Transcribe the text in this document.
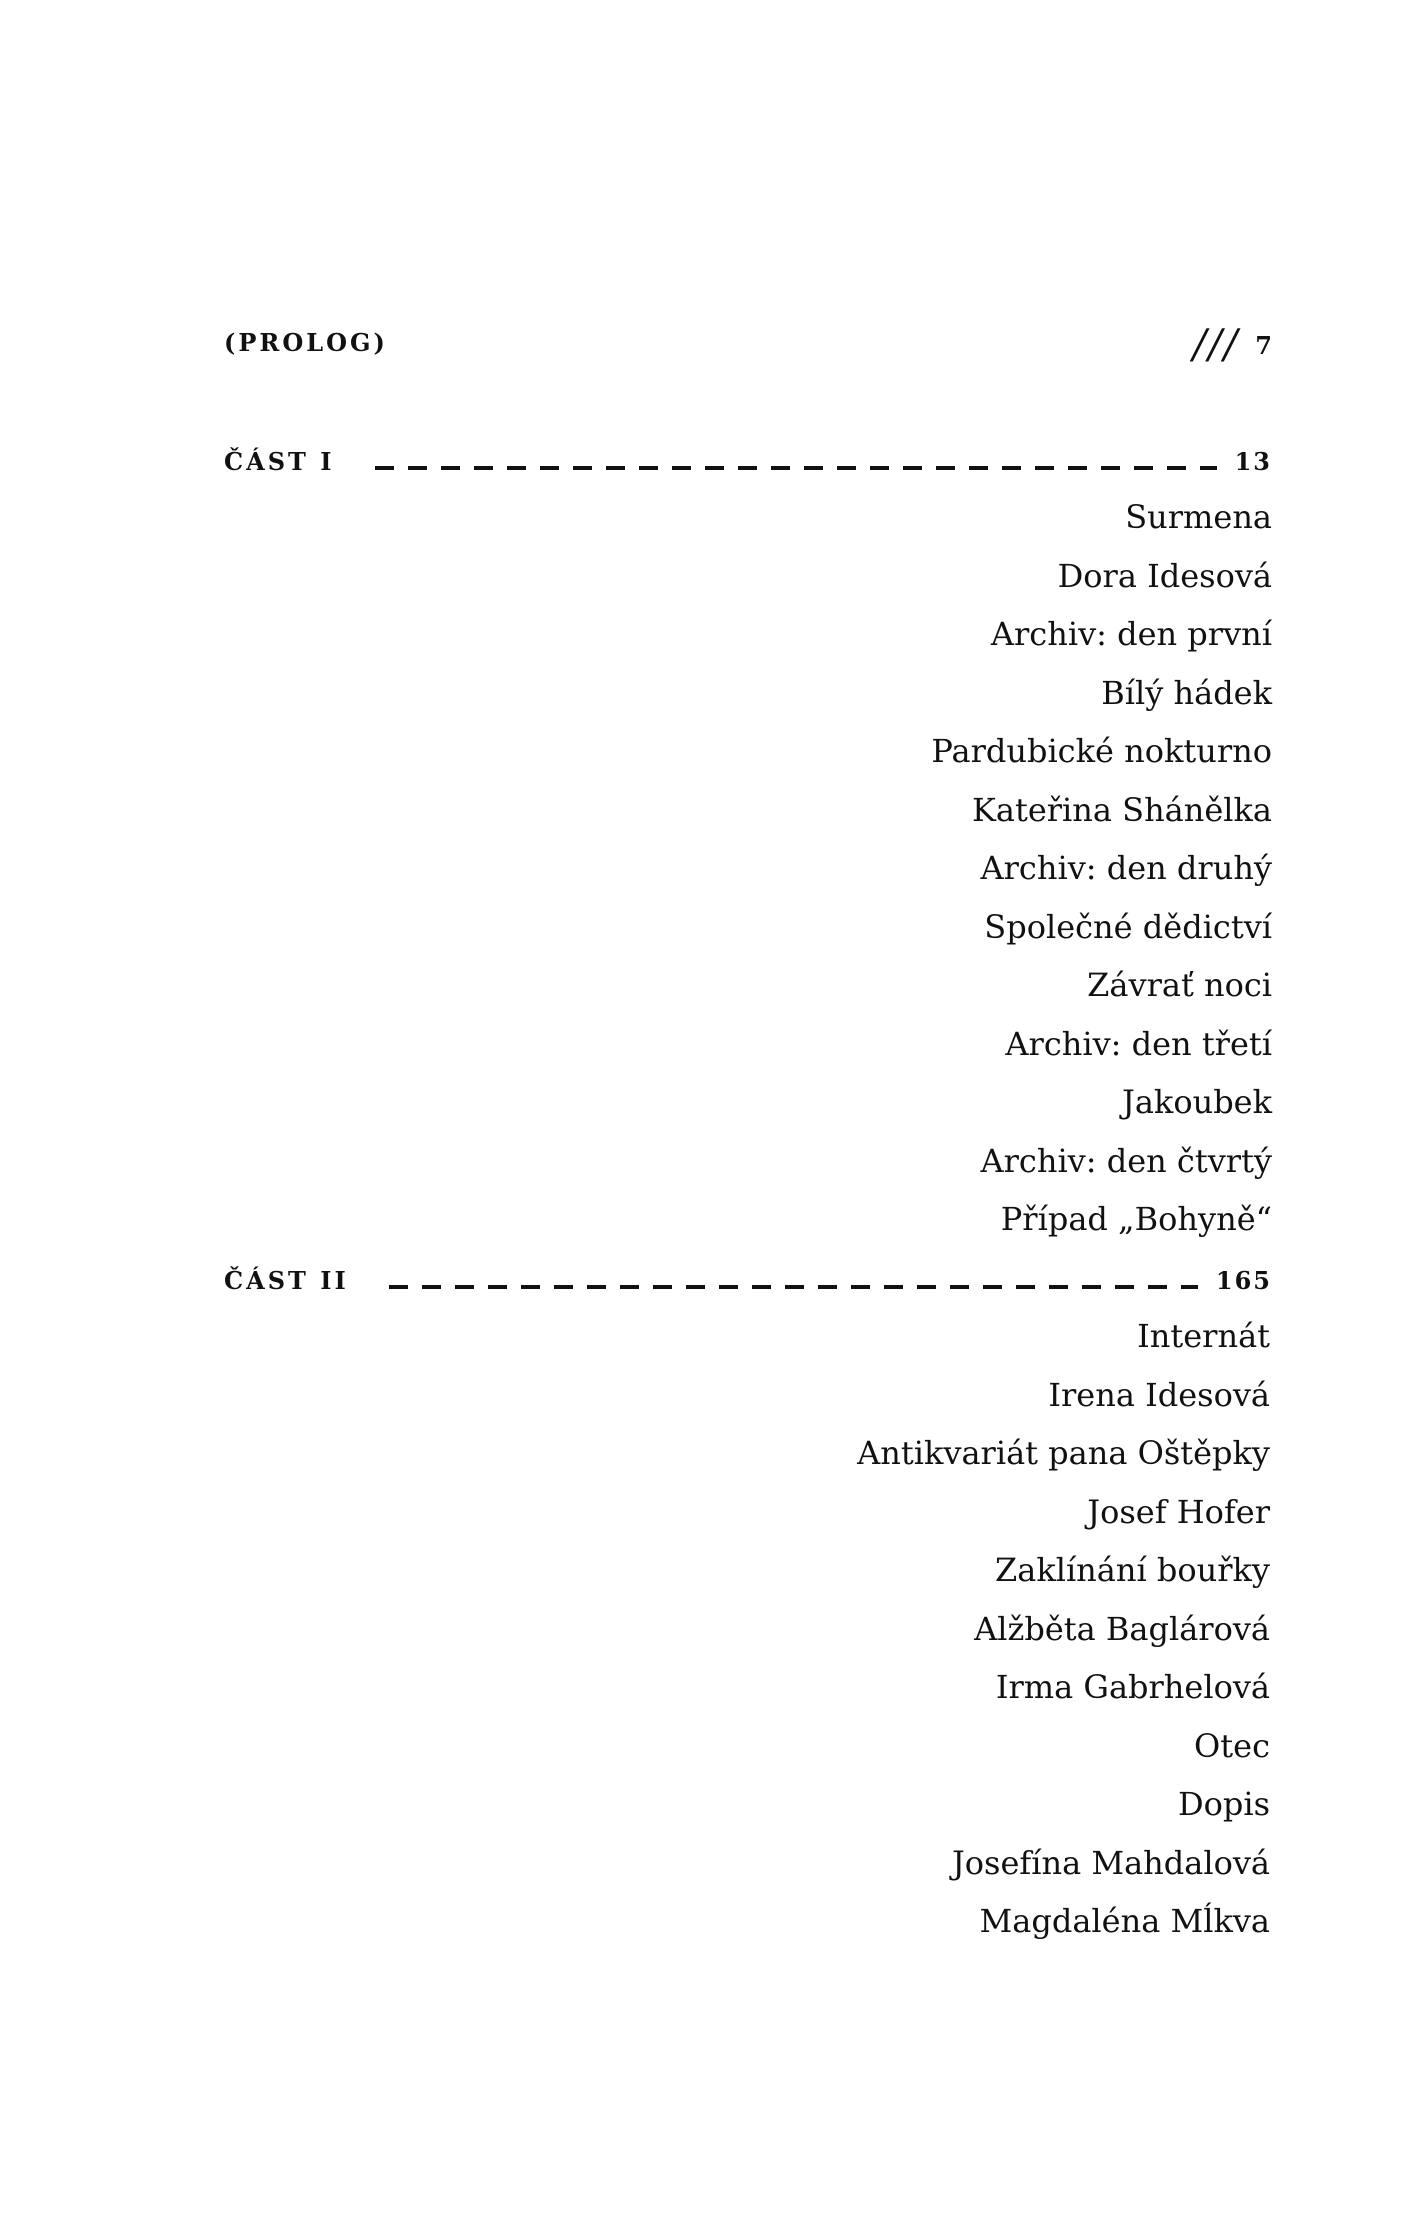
(PROLOG)	/// 7
ČÁST I	13
Surmena
Dora Idesová
Archiv: den první
Bílý hádek
Pardubické nokturno
Kateřina Shánělka
Archiv: den druhý
Společné dědictví
Závrať noci
Archiv: den třetí
Jakoubek
Archiv: den čtvrtý
Případ „Bohyně“
ČÁST II	165
Internát
Irena Idesová
Antikvariát pana Oštěpky
Josef Hofer
Zaklínání bouřky
Alžběta Baglárová
Irma Gabrhelová
Otec
Dopis
Josefína Mahdalová
Magdaléna Mĺkva
